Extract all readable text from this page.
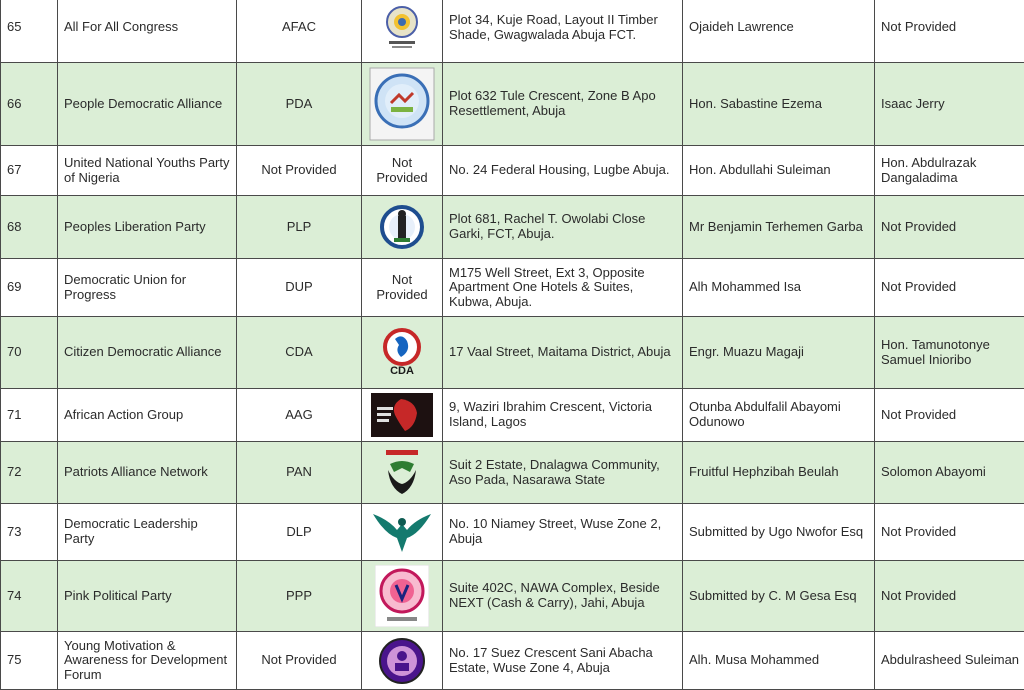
65	All For All Congress	AFAC		Plot 34, Kuje Road, Layout II Timber Shade, Gwagwalada Abuja FCT.	Ojaideh Lawrence	Not Provided
66	People Democratic Alliance	PDA		Plot 632 Tule Crescent, Zone B Apo Resettlement, Abuja	Hon. Sabastine Ezema	Isaac Jerry
67	United National Youths Party of Nigeria	Not Provided	Not Provided	No. 24 Federal Housing, Lugbe Abuja.	Hon. Abdullahi Suleiman	Hon. Abdulrazak Dangaladima
68	Peoples Liberation Party	PLP		Plot 681, Rachel T. Owolabi Close Garki, FCT, Abuja.	Mr Benjamin Terhemen Garba	Not Provided
69	Democratic Union for Progress	DUP	Not Provided	M175 Well Street, Ext 3, Opposite Apartment One Hotels & Suites, Kubwa, Abuja.	Alh Mohammed Isa	Not Provided
70	Citizen Democratic Alliance	CDA	CDA	17 Vaal Street, Maitama District, Abuja	Engr. Muazu Magaji	Hon. Tamunotonye Samuel Inioribo
71	African Action Group	AAG		9, Waziri Ibrahim Crescent, Victoria Island, Lagos	Otunba Abdulfalil Abayomi Odunowo	Not Provided
72	Patriots Alliance Network	PAN		Suit 2 Estate, Dnalagwa Community, Aso Pada, Nasarawa State	Fruitful Hephzibah Beulah	Solomon Abayomi
73	Democratic Leadership Party	DLP		No. 10 Niamey Street, Wuse Zone 2, Abuja	Submitted by Ugo Nwofor Esq	Not Provided
74	Pink Political Party	PPP		Suite 402C, NAWA Complex, Beside NEXT (Cash & Carry), Jahi, Abuja	Submitted by C. M Gesa Esq	Not Provided
75	Young Motivation & Awareness for Development Forum	Not Provided		No. 17 Suez Crescent Sani Abacha Estate, Wuse Zone 4, Abuja	Alh. Musa Mohammed	Abdulrasheed Suleiman
